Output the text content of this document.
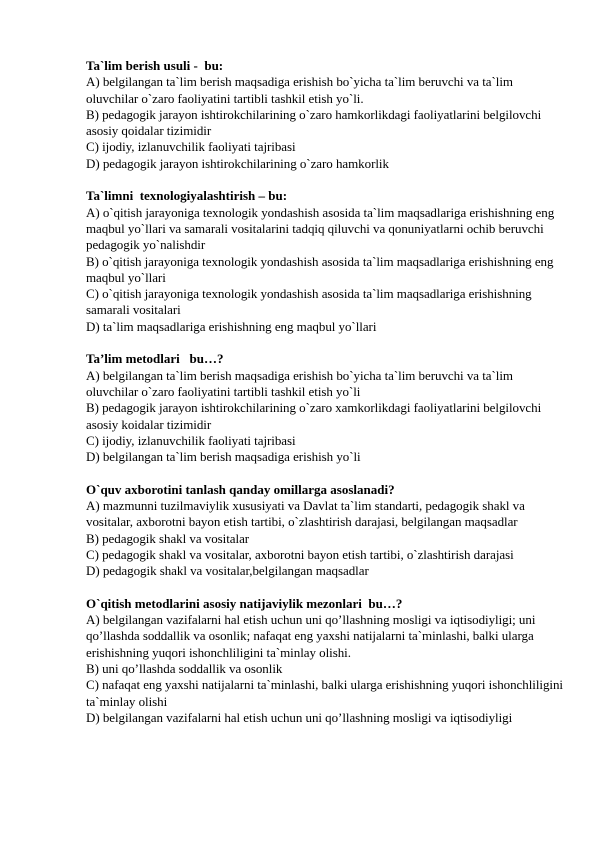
Ta`lim berish usuli -  bu:
A) belgilangan ta`lim berish maqsadiga erishish bo`yicha ta`lim beruvchi va ta`lim oluvchilar o`zaro faoliyatini tartibli tashkil etish yo`li.
B) pedagogik jarayon ishtirokchilarining o`zaro hamkorlikdagi faoliyatlarini belgilovchi asosiy qoidalar tizimidir
C) ijodiy, izlanuvchilik faoliyati tajribasi
D) pedagogik jarayon ishtirokchilarining o`zaro hamkorlik
Ta`limni  texnologiyalashtirish – bu:
A) o`qitish jarayoniga texnologik yondashish asosida ta`lim maqsadlariga erishishning eng maqbul yo`llari va samarali vositalarini tadqiq qiluvchi va qonuniyatlarni ochib beruvchi pedagogik yo`nalishdir
B) o`qitish jarayoniga texnologik yondashish asosida ta`lim maqsadlariga erishishning eng maqbul yo`llari
C) o`qitish jarayoniga texnologik yondashish asosida ta`lim maqsadlariga erishishning samarali vositalari
D) ta`lim maqsadlariga erishishning eng maqbul yo`llari
Ta’lim metodlari   bu…?
A) belgilangan ta`lim berish maqsadiga erishish bo`yicha ta`lim beruvchi va ta`lim oluvchilar o`zaro faoliyatini tartibli tashkil etish yo`li
B) pedagogik jarayon ishtirokchilarining o`zaro xamkorlikdagi faoliyatlarini belgilovchi asosiy koidalar tizimidir
C) ijodiy, izlanuvchilik faoliyati tajribasi
D) belgilangan ta`lim berish maqsadiga erishish yo`li
O`quv axborotini tanlash qanday omillarga asoslanadi?
A) mazmunni tuzilmaviylik xususiyati va Davlat ta`lim standarti, pedagogik shakl va vositalar, axborotni bayon etish tartibi, o`zlashtirish darajasi, belgilangan maqsadlar
B) pedagogik shakl va vositalar
C) pedagogik shakl va vositalar, axborotni bayon etish tartibi, o`zlashtirish darajasi
D) pedagogik shakl va vositalar,belgilangan maqsadlar
O`qitish metodlarini asosiy natijaviylik mezonlari  bu…?
A) belgilangan vazifalarni hal etish uchun uni qo’llashning mosligi va iqtisodiyligi; uni qo’llashda soddallik va osonlik; nafaqat eng yaxshi natijalarni ta`minlashi, balki ularga erishishning yuqori ishonchliligini ta`minlay olishi.
B) uni qo’llashda soddallik va osonlik
C) nafaqat eng yaxshi natijalarni ta`minlashi, balki ularga erishishning yuqori ishonchliligini ta`minlay olishi
D) belgilangan vazifalarni hal etish uchun uni qo’llashning mosligi va iqtisodiyligi
